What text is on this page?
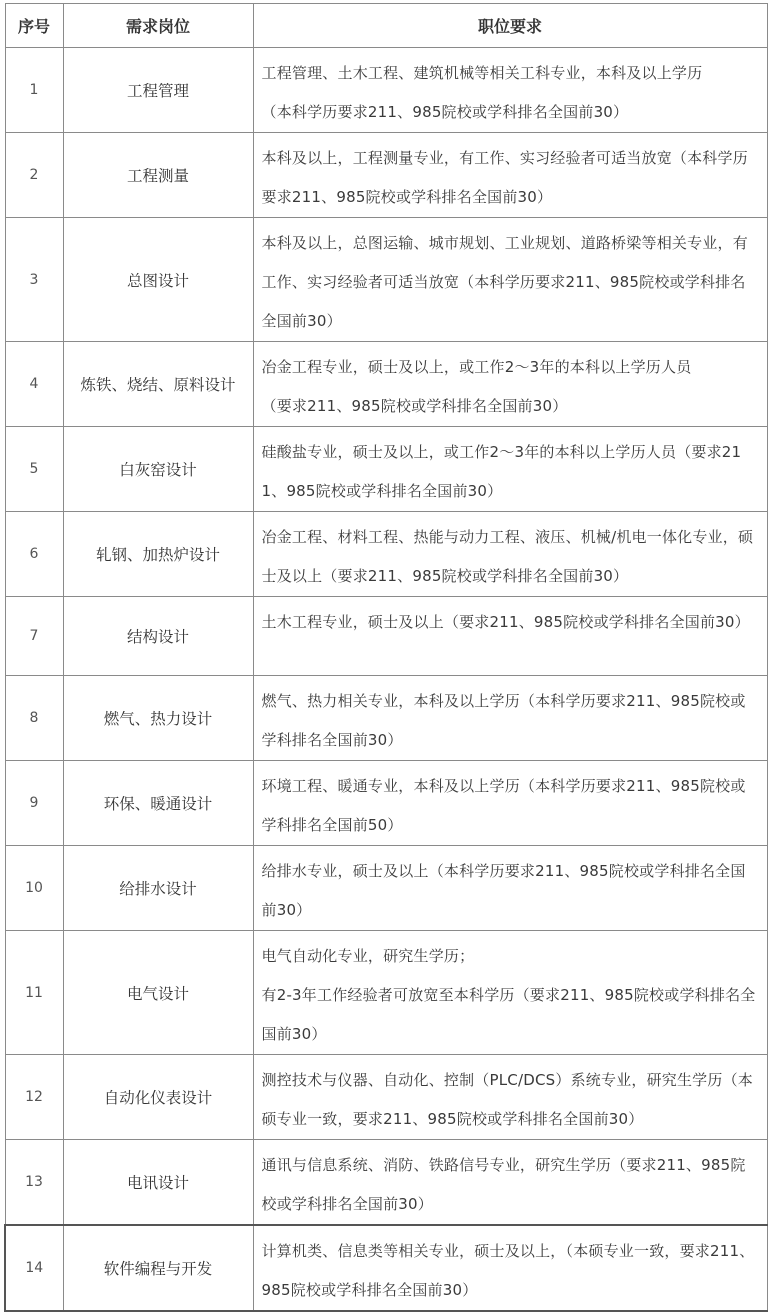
序号	需求岗位	职位要求
1	工程管理	工程管理、土木工程、建筑机械等相关工科专业，本科及以上学历
（本科学历要求211、985院校或学科排名全国前30）

2	工程测量	本科及以上，工程测量专业，有工作、实习经验者可适当放宽（本科学历要求211、985院校或学科排名全国前30）

3	总图设计	本科及以上，总图运输、城市规划、工业规划、道路桥梁等相关专业，有工作、实习经验者可适当放宽（本科学历要求211、985院校或学科排名全国前30）

4	炼铁、烧结、原料设计	冶金工程专业，硕士及以上，或工作2～3年的本科以上学历人员
（要求211、985院校或学科排名全国前30）

5	白灰窑设计	硅酸盐专业，硕士及以上，或工作2～3年的本科以上学历人员（要求211、985院校或学科排名全国前30）

6	轧钢、加热炉设计	冶金工程、材料工程、热能与动力工程、液压、机械/机电一体化专业，硕士及以上（要求211、985院校或学科排名全国前30）

7	结构设计	土木工程专业，硕士及以上（要求211、985院校或学科排名全国前30）

8	燃气、热力设计	燃气、热力相关专业，本科及以上学历（本科学历要求211、985院校或学科排名全国前30）

9	环保、暖通设计	环境工程、暖通专业，本科及以上学历（本科学历要求211、985院校或学科排名全国前50）

10	给排水设计	给排水专业，硕士及以上（本科学历要求211、985院校或学科排名全国前30）

11	电气设计	电气自动化专业，研究生学历；
有2-3年工作经验者可放宽至本科学历（要求211、985院校或学科排名全国前30）

12	自动化仪表设计	测控技术与仪器、自动化、控制（PLC/DCS）系统专业，研究生学历（本硕专业一致，要求211、985院校或学科排名全国前30）

13	电讯设计	通讯与信息系统、消防、铁路信号专业，研究生学历（要求211、985院校或学科排名全国前30）

14	软件编程与开发	计算机类、信息类等相关专业，硕士及以上，（本硕专业一致，要求211、985院校或学科排名全国前30）
